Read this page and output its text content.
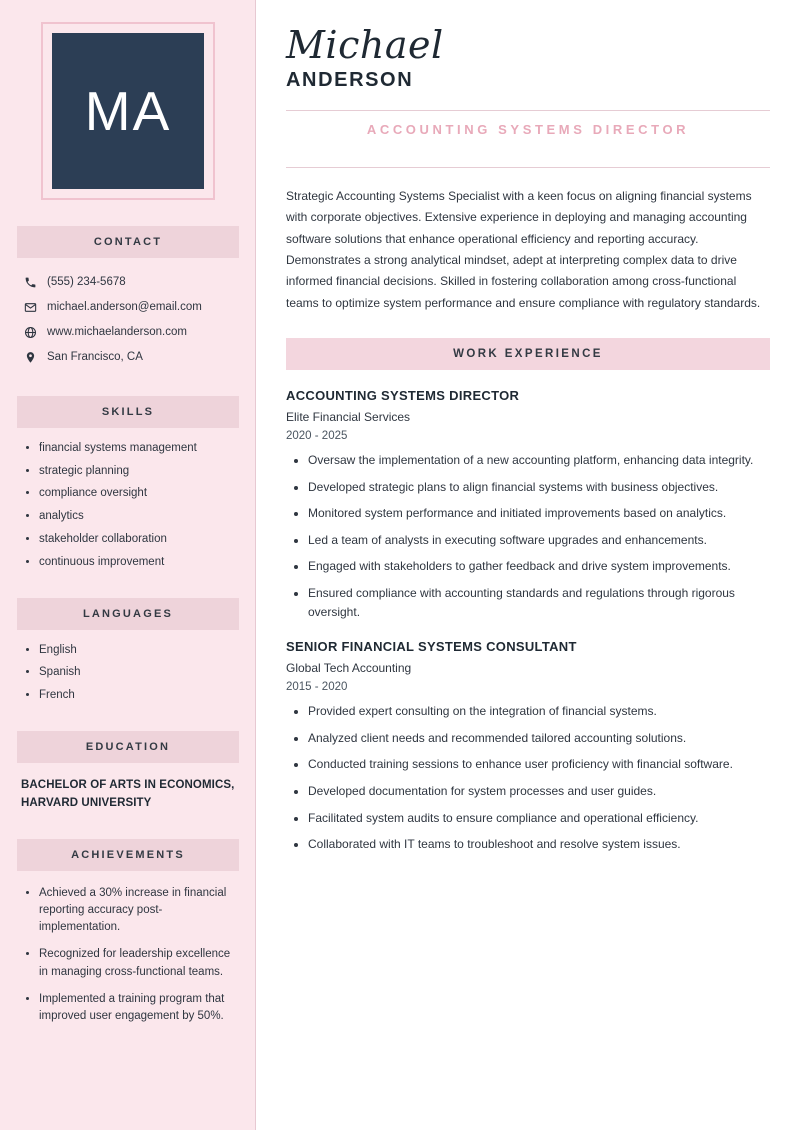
MA
CONTACT
(555) 234-5678
michael.anderson@email.com
www.michaelanderson.com
San Francisco, CA
SKILLS
• financial systems management
• strategic planning
• compliance oversight
• analytics
• stakeholder collaboration
• continuous improvement
LANGUAGES
• English
• Spanish
• French
EDUCATION
BACHELOR OF ARTS IN ECONOMICS, HARVARD UNIVERSITY
ACHIEVEMENTS
• Achieved a 30% increase in financial reporting accuracy post-implementation.
• Recognized for leadership excellence in managing cross-functional teams.
• Implemented a training program that improved user engagement by 50%.
Michael
ANDERSON
ACCOUNTING SYSTEMS DIRECTOR

Strategic Accounting Systems Specialist with a keen focus on aligning financial systems with corporate objectives. Extensive experience in deploying and managing accounting software solutions that enhance operational efficiency and reporting accuracy. Demonstrates a strong analytical mindset, adept at interpreting complex data to drive informed financial decisions. Skilled in fostering collaboration among cross-functional teams to optimize system performance and ensure compliance with regulatory standards.

WORK EXPERIENCE
ACCOUNTING SYSTEMS DIRECTOR
Elite Financial Services
2020 - 2025
• Oversaw the implementation of a new accounting platform, enhancing data integrity.
• Developed strategic plans to align financial systems with business objectives.
• Monitored system performance and initiated improvements based on analytics.
• Led a team of analysts in executing software upgrades and enhancements.
• Engaged with stakeholders to gather feedback and drive system improvements.
• Ensured compliance with accounting standards and regulations through rigorous oversight.
SENIOR FINANCIAL SYSTEMS CONSULTANT
Global Tech Accounting
2015 - 2020
• Provided expert consulting on the integration of financial systems.
• Analyzed client needs and recommended tailored accounting solutions.
• Conducted training sessions to enhance user proficiency with financial software.
• Developed documentation for system processes and user guides.
• Facilitated system audits to ensure compliance and operational efficiency.
• Collaborated with IT teams to troubleshoot and resolve system issues.
